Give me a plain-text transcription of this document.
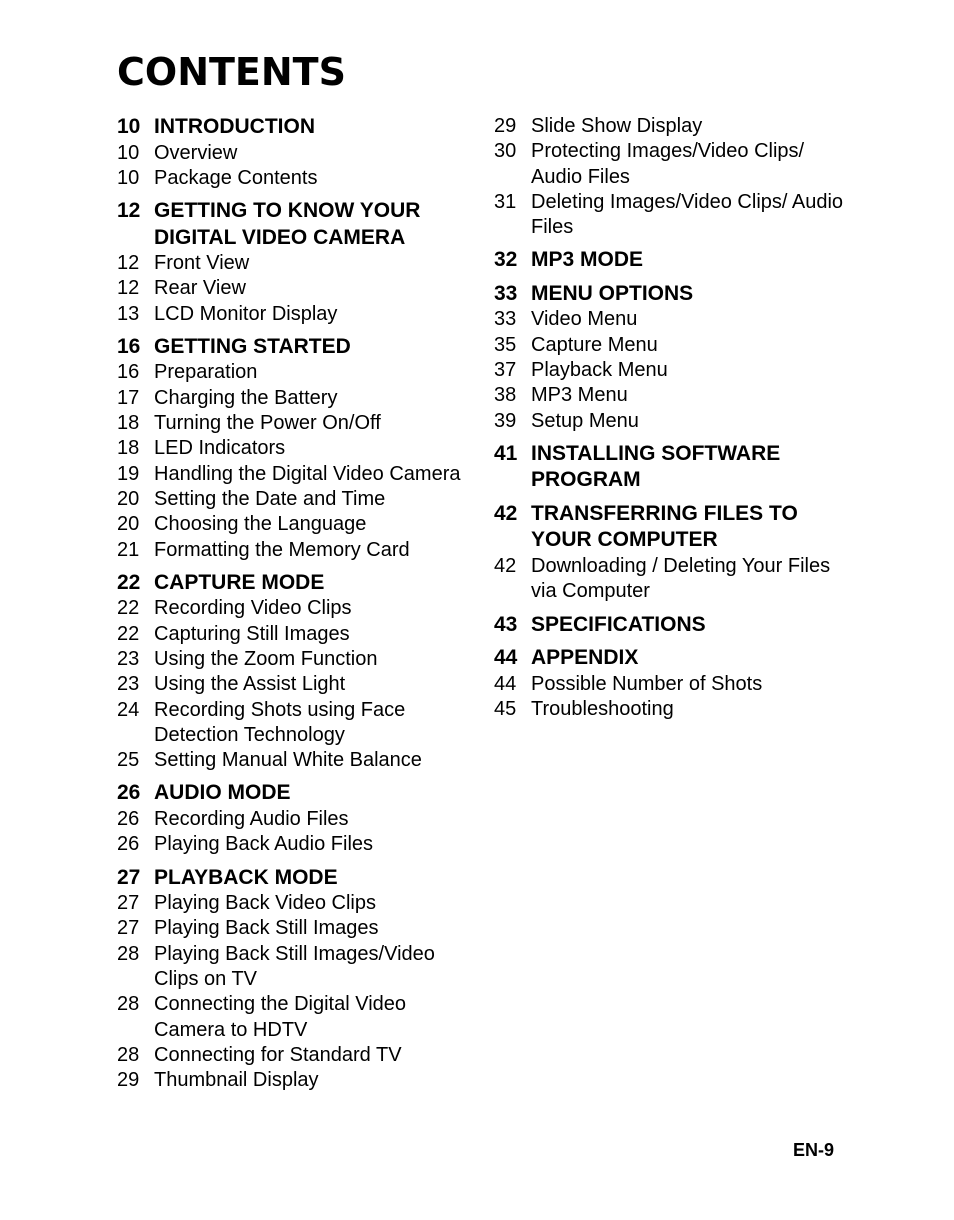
CONTENTS
10 INTRODUCTION
10 Overview
10 Package Contents
12 GETTING TO KNOW YOUR DIGITAL VIDEO CAMERA
12 Front View
12 Rear View
13 LCD Monitor Display
16 GETTING STARTED
16 Preparation
17 Charging the Battery
18 Turning the Power On/Off
18 LED Indicators
19 Handling the Digital Video Camera
20 Setting the Date and Time
20 Choosing the Language
21 Formatting the Memory Card
22 CAPTURE MODE
22 Recording Video Clips
22 Capturing Still Images
23 Using the Zoom Function
23 Using the Assist Light
24 Recording Shots using Face Detection Technology
25 Setting Manual White Balance
26 AUDIO MODE
26 Recording Audio Files
26 Playing Back Audio Files
27 PLAYBACK MODE
27 Playing Back Video Clips
27 Playing Back Still Images
28 Playing Back Still Images/Video Clips on TV
28 Connecting the Digital Video Camera to HDTV
28 Connecting for Standard TV
29 Thumbnail Display
29 Slide Show Display
30 Protecting Images/Video Clips/ Audio Files
31 Deleting Images/Video Clips/ Audio Files
32 MP3 MODE
33 MENU OPTIONS
33 Video Menu
35 Capture Menu
37 Playback Menu
38 MP3 Menu
39 Setup Menu
41 INSTALLING SOFTWARE PROGRAM
42 TRANSFERRING FILES TO YOUR COMPUTER
42 Downloading / Deleting Your Files via Computer
43 SPECIFICATIONS
44 APPENDIX
44 Possible Number of Shots
45 Troubleshooting
EN-9
